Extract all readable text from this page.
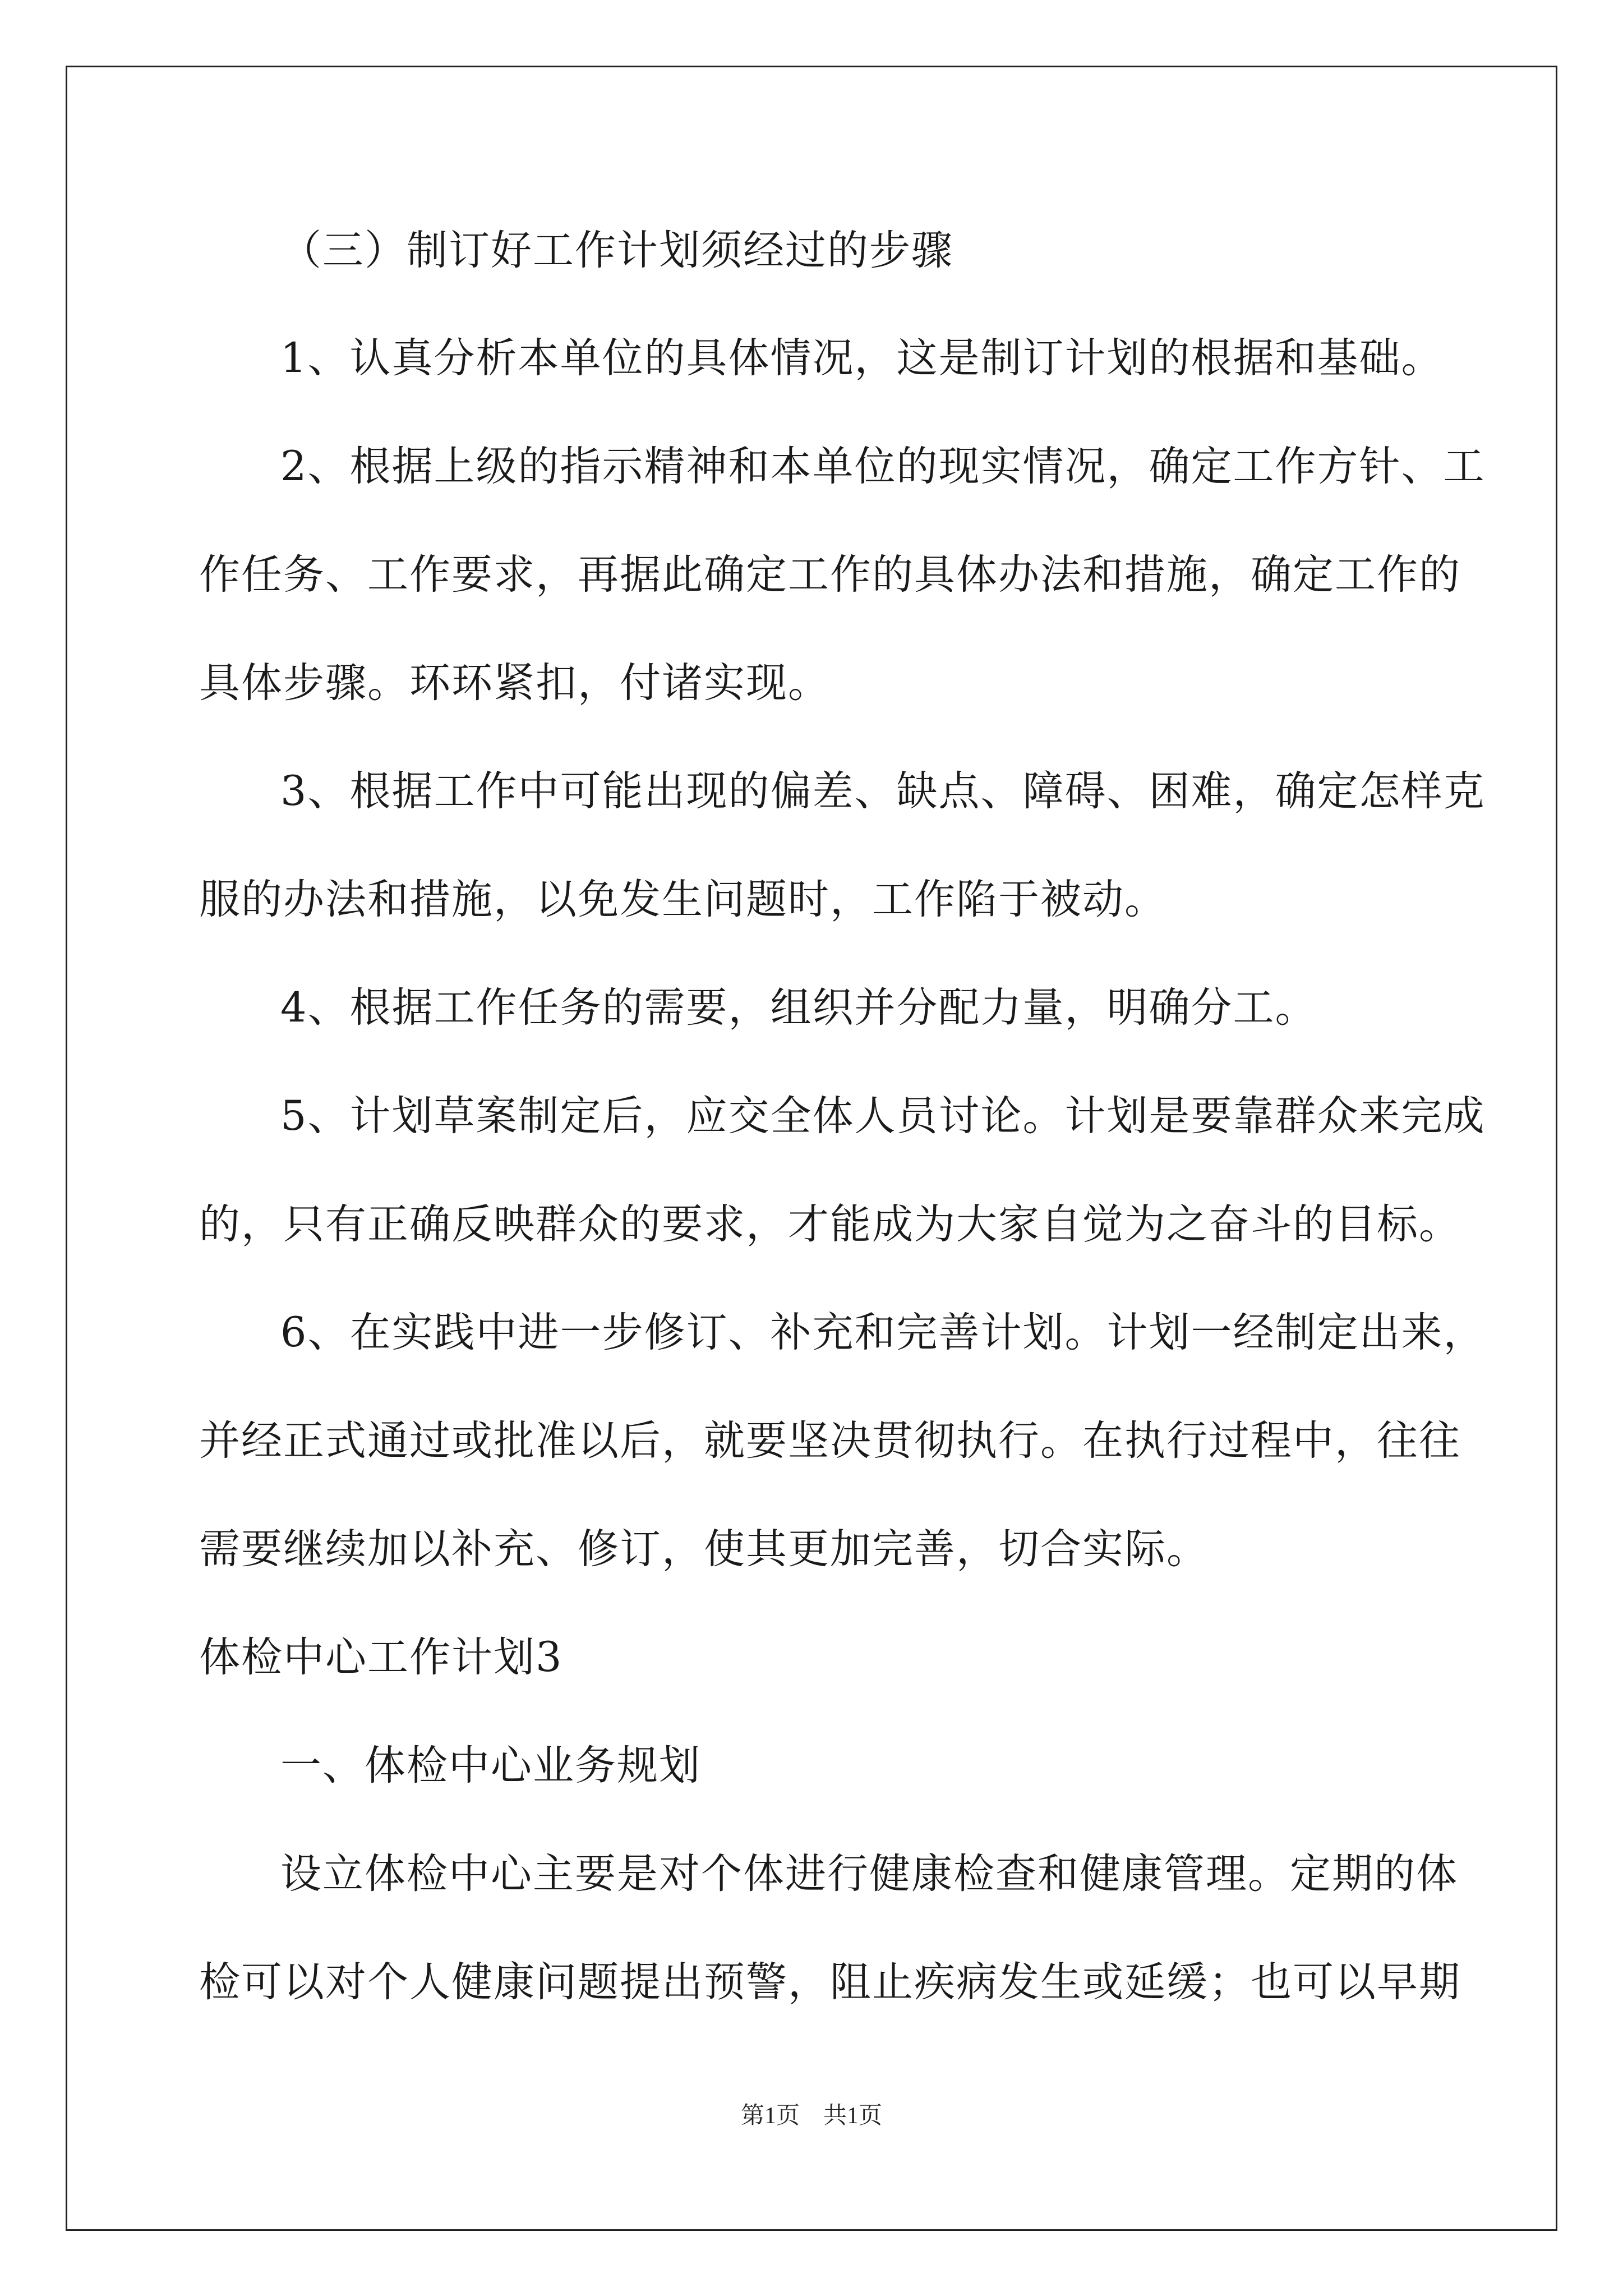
（三）制订好工作计划须经过的步骤
1、认真分析本单位的具体情况，这是制订计划的根据和基础。
2、根据上级的指示精神和本单位的现实情况，确定工作方针、工
作任务、工作要求，再据此确定工作的具体办法和措施，确定工作的
具体步骤。环环紧扣，付诸实现。
3、根据工作中可能出现的偏差、缺点、障碍、困难，确定怎样克
服的办法和措施，以免发生问题时，工作陷于被动。
4、根据工作任务的需要，组织并分配力量，明确分工。
5、计划草案制定后，应交全体人员讨论。计划是要靠群众来完成
的，只有正确反映群众的要求，才能成为大家自觉为之奋斗的目标。
6、在实践中进一步修订、补充和完善计划。计划一经制定出来，
并经正式通过或批准以后，就要坚决贯彻执行。在执行过程中，往往
需要继续加以补充、修订，使其更加完善，切合实际。
体检中心工作计划3
一、体检中心业务规划
设立体检中心主要是对个体进行健康检查和健康管理。定期的体
检可以对个人健康问题提出预警，阻止疾病发生或延缓；也可以早期
第1页 共1页
